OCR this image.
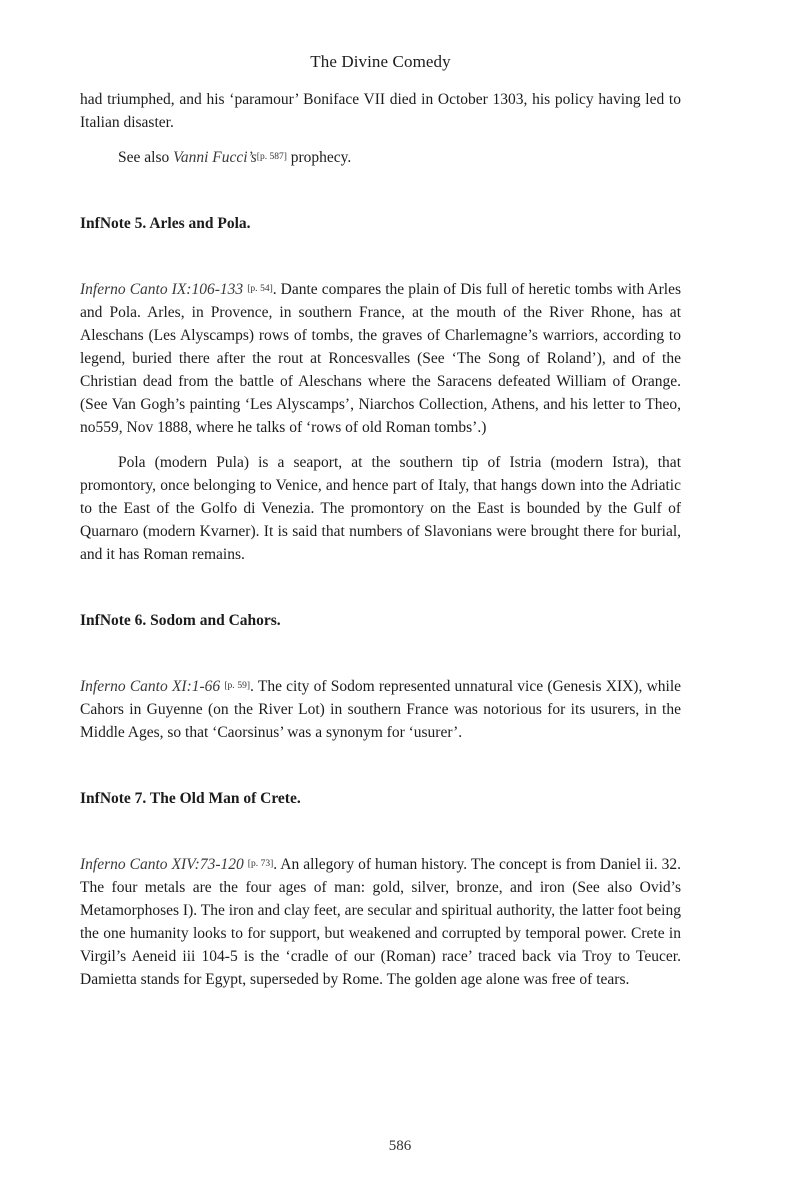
The Divine Comedy

had triumphed, and his ‘paramour’ Boniface VII died in October 1303, his policy having led to Italian disaster.

See also Vanni Fucci’s[p. 587] prophecy.

InfNote 5. Arles and Pola.

Inferno Canto IX:106-133 [p. 54]. Dante compares the plain of Dis full of heretic tombs with Arles and Pola. Arles, in Provence, in southern France, at the mouth of the River Rhone, has at Aleschans (Les Alyscamps) rows of tombs, the graves of Charlemagne’s warriors, according to legend, buried there after the rout at Roncesvalles (See ‘The Song of Roland’), and of the Christian dead from the battle of Aleschans where the Saracens defeated William of Orange. (See Van Gogh’s painting ‘Les Alyscamps’, Niarchos Collection, Athens, and his letter to Theo, no559, Nov 1888, where he talks of ‘rows of old Roman tombs’.)

Pola (modern Pula) is a seaport, at the southern tip of Istria (modern Istra), that promontory, once belonging to Venice, and hence part of Italy, that hangs down into the Adriatic to the East of the Golfo di Venezia. The promontory on the East is bounded by the Gulf of Quarnaro (modern Kvarner). It is said that numbers of Slavonians were brought there for burial, and it has Roman remains.

InfNote 6. Sodom and Cahors.

Inferno Canto XI:1-66 [p. 59]. The city of Sodom represented unnatural vice (Genesis XIX), while Cahors in Guyenne (on the River Lot) in southern France was notorious for its usurers, in the Middle Ages, so that ‘Caorsinus’ was a synonym for ‘usurer’.

InfNote 7. The Old Man of Crete.

Inferno Canto XIV:73-120 [p. 73]. An allegory of human history. The concept is from Daniel ii. 32. The four metals are the four ages of man: gold, silver, bronze, and iron (See also Ovid’s Metamorphoses I). The iron and clay feet, are secular and spiritual authority, the latter foot being the one humanity looks to for support, but weakened and corrupted by temporal power. Crete in Virgil’s Aeneid iii 104-5 is the ‘cradle of our (Roman) race’ traced back via Troy to Teucer. Damietta stands for Egypt, superseded by Rome. The golden age alone was free of tears.

586
